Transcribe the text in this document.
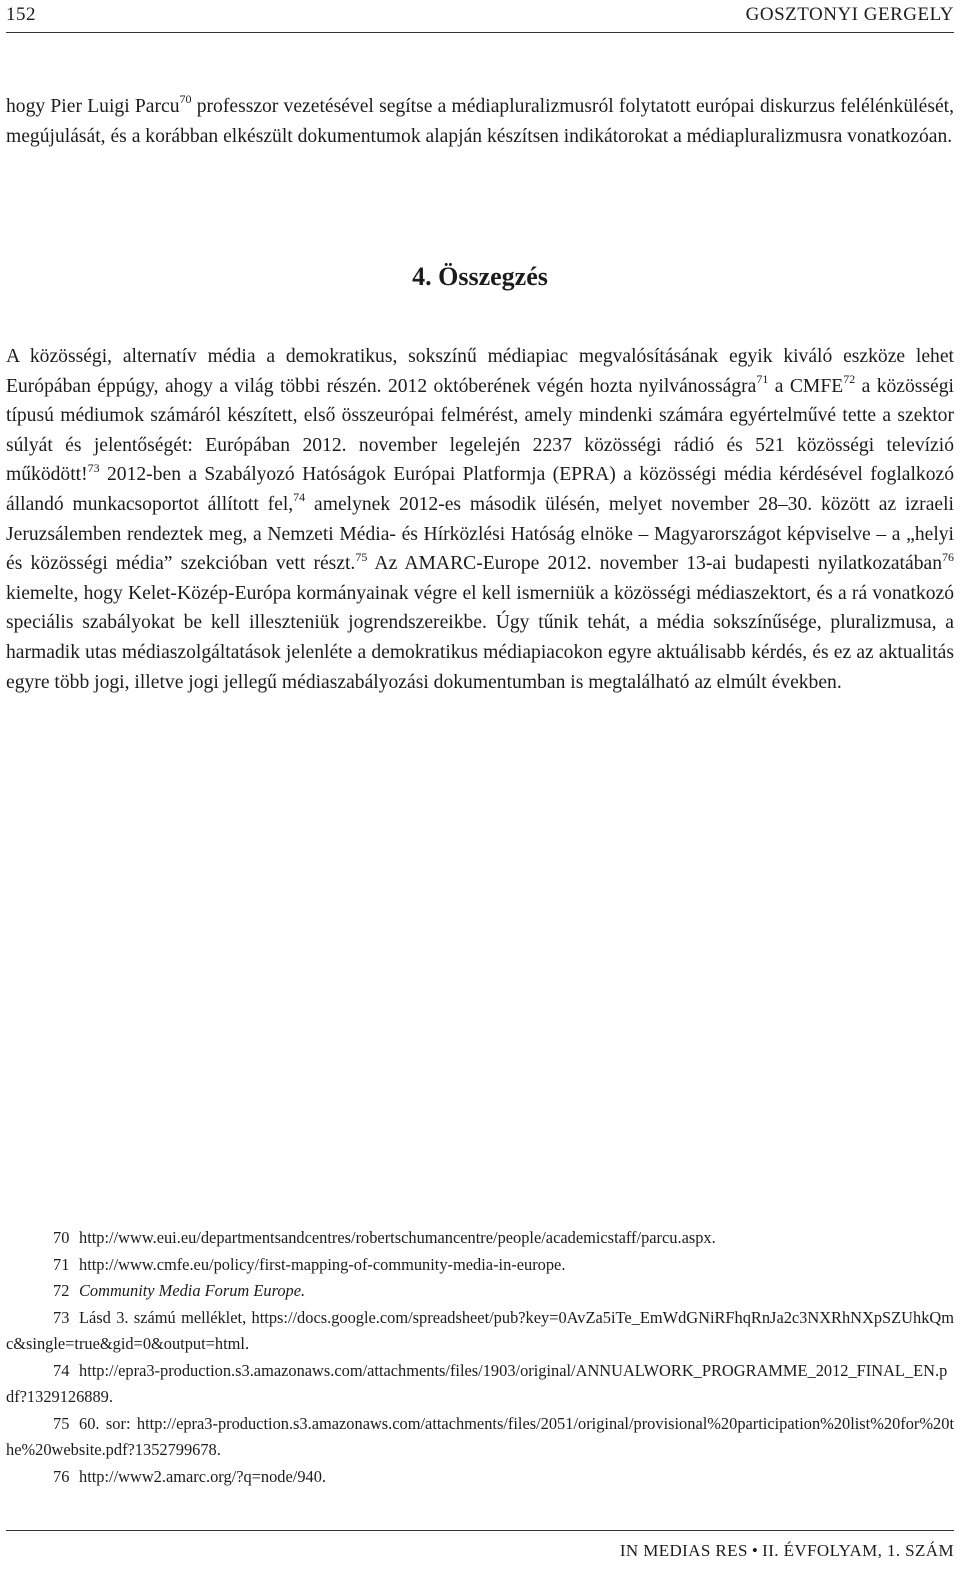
152	GOSZTONYI GERGELY

hogy Pier Luigi Parcu$^{70}$ professzor vezetésével segítse a médiapluralizmusról folytatott európai diskurzus felélénkülését, megújulását, és a korábban elkészült dokumentumok alapján készítsen indikátorokat a médiapluralizmusra vonatkozóan.

4. Összegzés

A közösségi, alternatív média a demokratikus, sokszínű médiapiac megvalósításának egyik kiváló eszköze lehet Európában éppúgy, ahogy a világ többi részén. 2012 októberének végén hozta nyilvánosságra$^{71}$ a CMFE$^{72}$ a közösségi típusú médiumok számáról készített, első összeurópai felmérést, amely mindenki számára egyértelművé tette a szektor súlyát és jelentőségét: Európában 2012. november legelején 2237 közösségi rádió és 521 közösségi televízió működött!$^{73}$ 2012-ben a Szabályozó Hatóságok Európai Platformja (EPRA) a közösségi média kérdésével foglalkozó állandó munkacsoportot állított fel,$^{74}$ amelynek 2012-es második ülésén, melyet november 28–30. között az izraeli Jeruzsálemben rendeztek meg, a Nemzeti Média- és Hírközlési Hatóság elnöke – Magyarországot képviselve – a „helyi és közösségi média” szekcióban vett részt.$^{75}$ Az AMARC-Europe 2012. november 13-ai budapesti nyilatkozatában$^{76}$ kiemelte, hogy Kelet-Közép-Európa kormányainak végre el kell ismerniük a közösségi médiaszektort, és a rá vonatkozó speciális szabályokat be kell illeszteniük jogrendszereikbe. Úgy tűnik tehát, a média sokszínűsége, pluralizmusa, a harmadik utas médiaszolgáltatások jelenléte a demokratikus médiapiacokon egyre aktuálisabb kérdés, és ez az aktualitás egyre több jogi, illetve jogi jellegű médiaszabályozási dokumentumban is megtalálható az elmúlt években.

70 http://www.eui.eu/departmentsandcentres/robertschumancentre/people/academicstaff/parcu.aspx.

71 http://www.cmfe.eu/policy/first-mapping-of-community-media-in-europe.

72 Community Media Forum Europe.

73 Lásd 3. számú melléklet, https://docs.google.com/spreadsheet/pub?key=0AvZa5iTe_EmWdGNiRFhqRnJa2c3NXRhNXpSZUhkQmc&single=true&gid=0&output=html.

74 http://epra3-production.s3.amazonaws.com/attachments/files/1903/original/ANNUALWORK_PROGRAMME_2012_FINAL_EN.pdf?1329126889.

75 60. sor: http://epra3-production.s3.amazonaws.com/attachments/files/2051/original/provisional%20participation%20list%20for%20the%20website.pdf?1352799678.

76 http://www2.amarc.org/?q=node/940.

IN MEDIAS RES • II. ÉVFOLYAM, 1. SZÁM
